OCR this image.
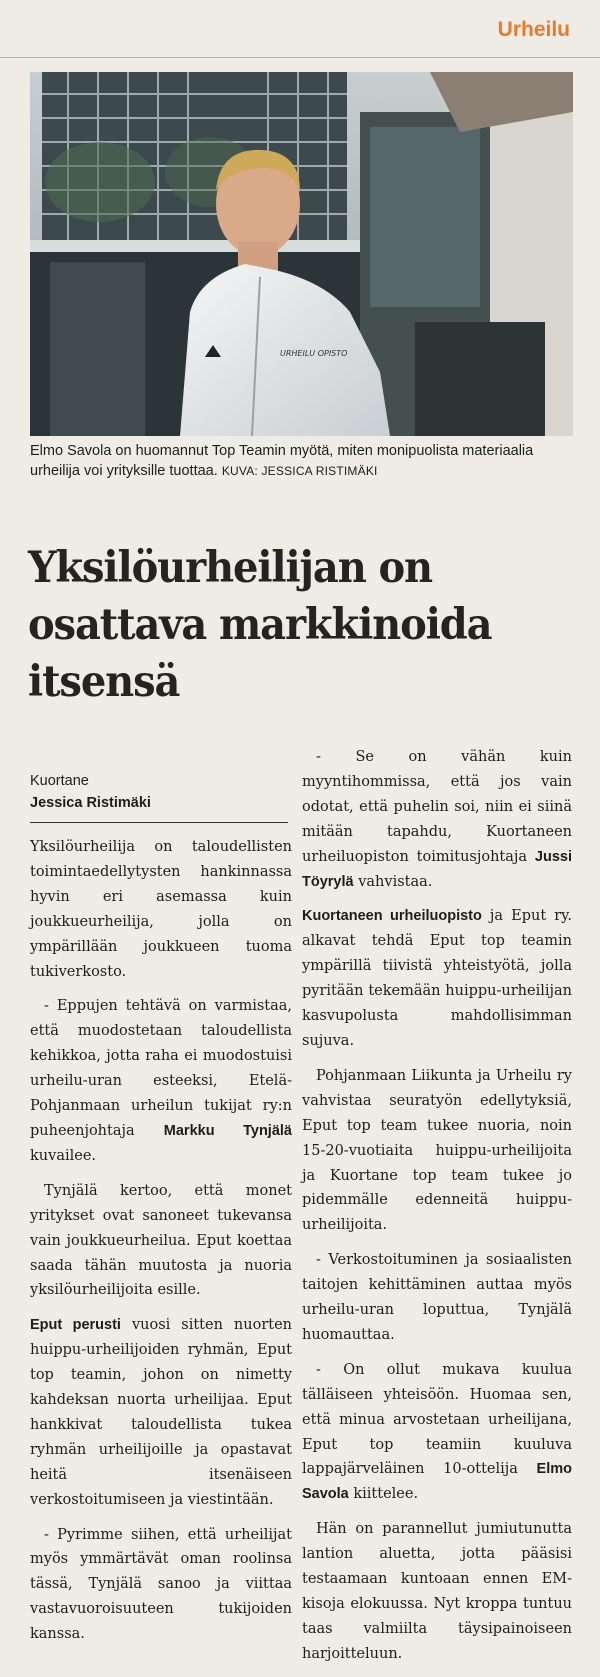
Urheilu
URHEILU OPISTO
Elmo Savola on huomannut Top Teamin myötä, miten monipuolista materiaalia urheilija voi yrityksille tuottaa. KUVA: JESSICA RISTIMÄKI
Yksilöurheilijan on osattava markkinoida itsensä
Kuortane
Jessica Ristimäki

Yksilöurheilija on taloudellisten toimintaedellytysten hankinnassa hyvin eri asemassa kuin joukkueurheilija, jolla on ympärillään joukkueen tuoma tukiverkosto.

- Eppujen tehtävä on varmistaa, että muodostetaan taloudellista kehikkoa, jotta raha ei muodostuisi urheilu-uran esteeksi, Etelä-Pohjanmaan urheilun tukijat ry:n puheenjohtaja Markku Tynjälä kuvailee.

Tynjälä kertoo, että monet yritykset ovat sanoneet tukevansa vain joukkueurheilua. Eput koettaa saada tähän muutosta ja nuoria yksilöurheilijoita esille.

Eput perusti vuosi sitten nuorten huippu-urheilijoiden ryhmän, Eput top teamin, johon on nimetty kahdeksan nuorta urheilijaa. Eput hankkivat taloudellista tukea ryhmän urheilijoille ja opastavat heitä itsenäiseen verkostoitumiseen ja viestintään.

- Pyrimme siihen, että urheilijat myös ymmärtävät oman roolinsa tässä, Tynjälä sanoo ja viittaa vastavuoroisuuteen tukijoiden kanssa.

- Se on vähän kuin myyntihommissa, että jos vain odotat, että puhelin soi, niin ei siinä mitään tapahdu, Kuortaneen urheiluopiston toimitusjohtaja Jussi Töyrylä vahvistaa.

Kuortaneen urheiluopisto ja Eput ry. alkavat tehdä Eput top teamin ympärillä tiivistä yhteistyötä, jolla pyritään tekemään huippu-urheilijan kasvupolusta mahdollisimman sujuva.

Pohjanmaan Liikunta ja Urheilu ry vahvistaa seuratyön edellytyksiä, Eput top team tukee nuoria, noin 15-20-vuotiaita huippu-urheilijoita ja Kuortane top team tukee jo pidemmälle edenneitä huippu-urheilijoita.

- Verkostoituminen ja sosiaalisten taitojen kehittäminen auttaa myös urheilu-uran loputtua, Tynjälä huomauttaa.

- On ollut mukava kuulua tälläiseen yhteisöön. Huomaa sen, että minua arvostetaan urheilijana, Eput top teamiin kuuluva lappajärveläinen 10-ottelija Elmo Savola kiittelee.

Hän on parannellut jumiutunutta lantion aluetta, jotta pääsisi testaamaan kuntoaan ennen EM-kisoja elokuussa. Nyt kroppa tuntuu taas valmiilta täysipainoiseen harjoitteluun.
